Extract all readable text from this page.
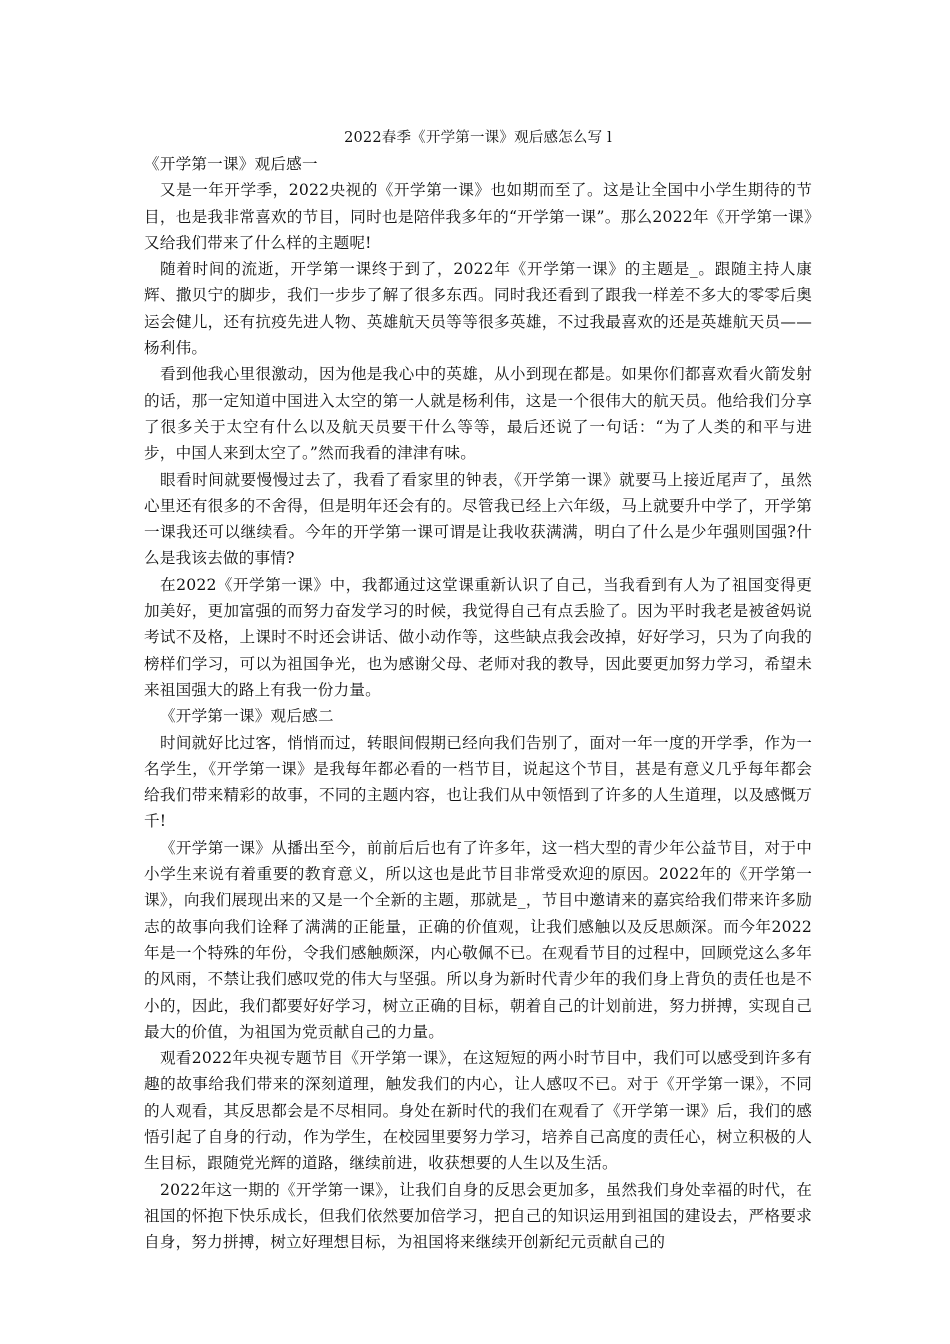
2022春季《开学第一课》观后感怎么写 l
《开学第一课》观后感一

又是一年开学季，2022央视的《开学第一课》也如期而至了。这是让全国中小学生期待的节目，也是我非常喜欢的节目，同时也是陪伴我多年的“开学第一课”。那么2022年《开学第一课》又给我们带来了什么样的主题呢!

随着时间的流逝，开学第一课终于到了，2022年《开学第一课》的主题是_。跟随主持人康辉、撒贝宁的脚步，我们一步步了解了很多东西。同时我还看到了跟我一样差不多大的零零后奥运会健儿，还有抗疫先进人物、英雄航天员等等很多英雄，不过我最喜欢的还是英雄航天员——杨利伟。

看到他我心里很激动，因为他是我心中的英雄，从小到现在都是。如果你们都喜欢看火箭发射的话，那一定知道中国进入太空的第一人就是杨利伟，这是一个很伟大的航天员。他给我们分享了很多关于太空有什么以及航天员要干什么等等，最后还说了一句话：“为了人类的和平与进步，中国人来到太空了。”然而我看的津津有味。

眼看时间就要慢慢过去了，我看了看家里的钟表，《开学第一课》就要马上接近尾声了，虽然心里还有很多的不舍得，但是明年还会有的。尽管我已经上六年级，马上就要升中学了，开学第一课我还可以继续看。今年的开学第一课可谓是让我收获满满，明白了什么是少年强则国强?什么是我该去做的事情?

在2022《开学第一课》中，我都通过这堂课重新认识了自己，当我看到有人为了祖国变得更加美好，更加富强的而努力奋发学习的时候，我觉得自己有点丢脸了。因为平时我老是被爸妈说考试不及格，上课时不时还会讲话、做小动作等，这些缺点我会改掉，好好学习，只为了向我的榜样们学习，可以为祖国争光，也为感谢父母、老师对我的教导，因此要更加努力学习，希望未来祖国强大的路上有我一份力量。

《开学第一课》观后感二

时间就好比过客，悄悄而过，转眼间假期已经向我们告别了，面对一年一度的开学季，作为一名学生，《开学第一课》是我每年都必看的一档节目，说起这个节目，甚是有意义几乎每年都会给我们带来精彩的故事，不同的主题内容，也让我们从中领悟到了许多的人生道理，以及感慨万千!

《开学第一课》从播出至今，前前后后也有了许多年，这一档大型的青少年公益节目，对于中小学生来说有着重要的教育意义，所以这也是此节目非常受欢迎的原因。2022年的《开学第一课》，向我们展现出来的又是一个全新的主题，那就是_，节目中邀请来的嘉宾给我们带来许多励志的故事向我们诠释了满满的正能量，正确的价值观，让我们感触以及反思颇深。而今年2022年是一个特殊的年份，令我们感触颇深，内心敬佩不已。在观看节目的过程中，回顾党这么多年的风雨，不禁让我们感叹党的伟大与坚强。所以身为新时代青少年的我们身上背负的责任也是不小的，因此，我们都要好好学习，树立正确的目标，朝着自己的计划前进，努力拼搏，实现自己最大的价值，为祖国为党贡献自己的力量。

观看2022年央视专题节目《开学第一课》，在这短短的两小时节目中，我们可以感受到许多有趣的故事给我们带来的深刻道理，触发我们的内心，让人感叹不已。对于《开学第一课》，不同的人观看，其反思都会是不尽相同。身处在新时代的我们在观看了《开学第一课》后，我们的感悟引起了自身的行动，作为学生，在校园里要努力学习，培养自己高度的责任心，树立积极的人生目标，跟随党光辉的道路，继续前进，收获想要的人生以及生活。

2022年这一期的《开学第一课》，让我们自身的反思会更加多，虽然我们身处幸福的时代，在祖国的怀抱下快乐成长，但我们依然要加倍学习，把自己的知识运用到祖国的建设去，严格要求自身，努力拼搏，树立好理想目标，为祖国将来继续开创新纪元贡献自己的
